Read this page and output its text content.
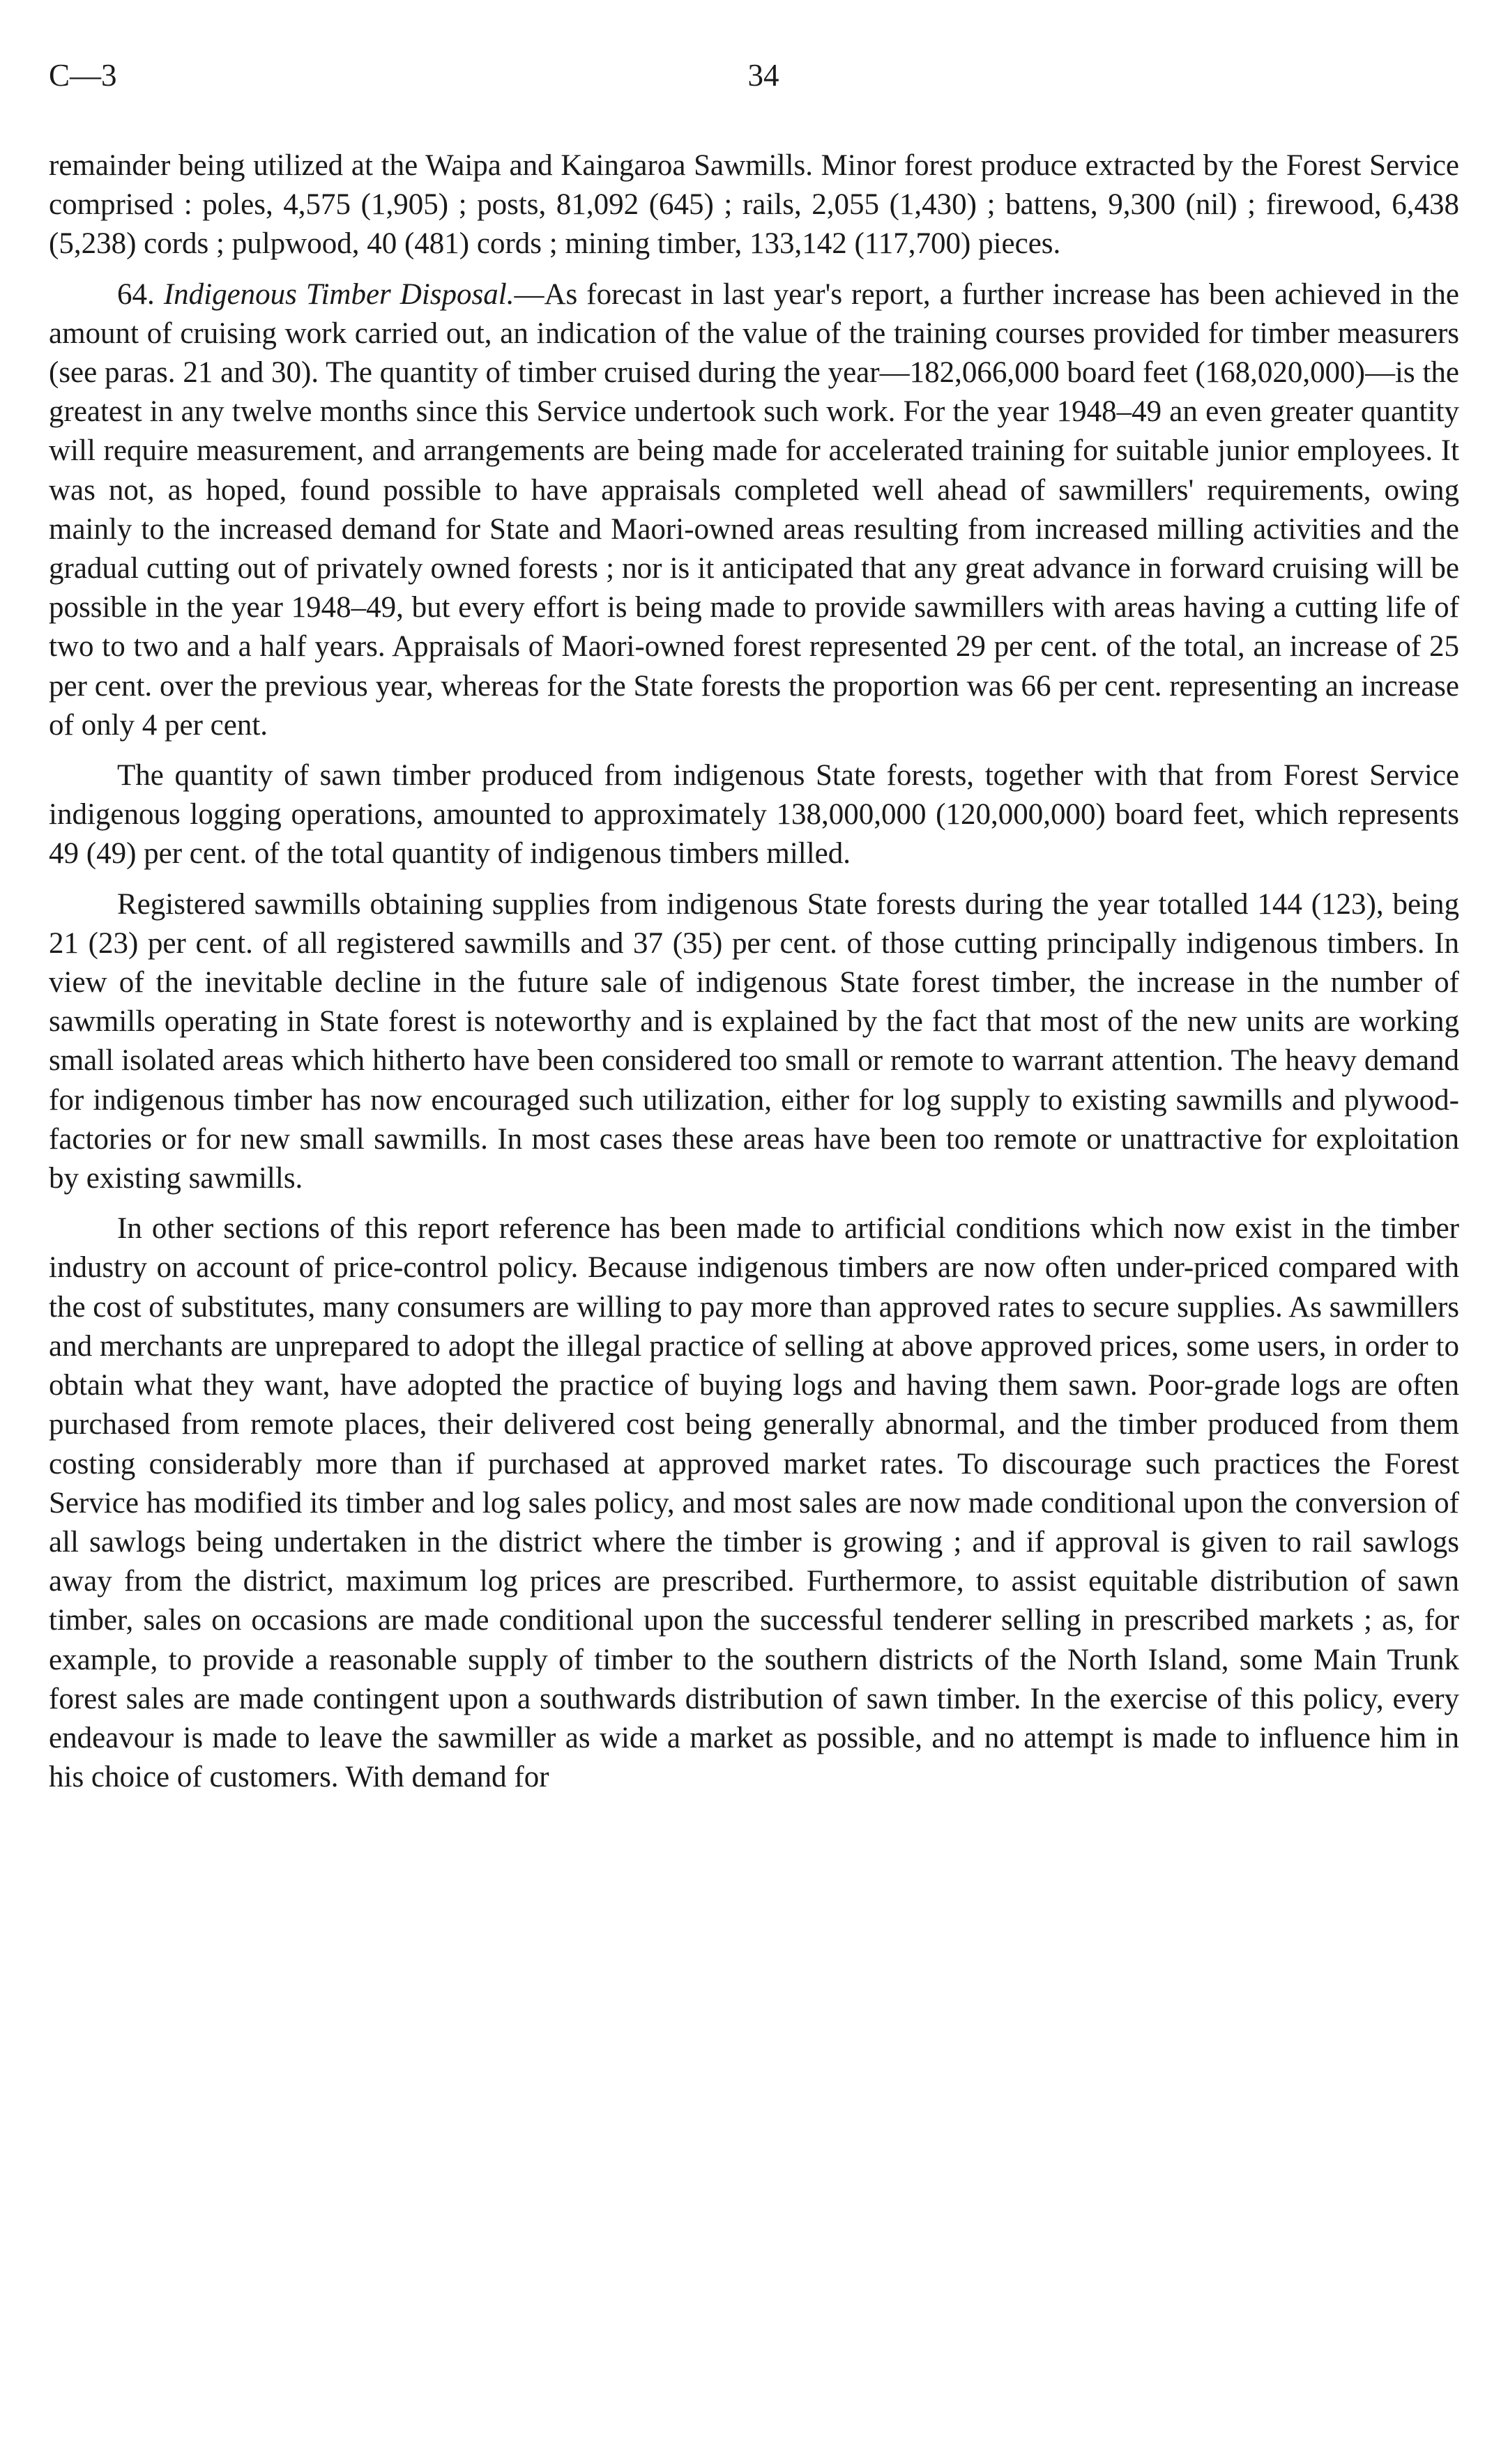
C—3	34

remainder being utilized at the Waipa and Kaingaroa Sawmills. Minor forest produce extracted by the Forest Service comprised : poles, 4,575 (1,905) ; posts, 81,092 (645) ; rails, 2,055 (1,430) ; battens, 9,300 (nil) ; firewood, 6,438 (5,238) cords ; pulpwood, 40 (481) cords ; mining timber, 133,142 (117,700) pieces.

64. Indigenous Timber Disposal.—As forecast in last year's report, a further increase has been achieved in the amount of cruising work carried out, an indication of the value of the training courses provided for timber measurers (see paras. 21 and 30). The quantity of timber cruised during the year—182,066,000 board feet (168,020,000)—is the greatest in any twelve months since this Service undertook such work. For the year 1948–49 an even greater quantity will require measurement, and arrangements are being made for accelerated training for suitable junior employees. It was not, as hoped, found possible to have appraisals completed well ahead of sawmillers' requirements, owing mainly to the increased demand for State and Maori-owned areas resulting from increased milling activities and the gradual cutting out of privately owned forests ; nor is it anticipated that any great advance in forward cruising will be possible in the year 1948–49, but every effort is being made to provide sawmillers with areas having a cutting life of two to two and a half years. Appraisals of Maori-owned forest represented 29 per cent. of the total, an increase of 25 per cent. over the previous year, whereas for the State forests the proportion was 66 per cent. representing an increase of only 4 per cent.

The quantity of sawn timber produced from indigenous State forests, together with that from Forest Service indigenous logging operations, amounted to approximately 138,000,000 (120,000,000) board feet, which represents 49 (49) per cent. of the total quantity of indigenous timbers milled.

Registered sawmills obtaining supplies from indigenous State forests during the year totalled 144 (123), being 21 (23) per cent. of all registered sawmills and 37 (35) per cent. of those cutting principally indigenous timbers. In view of the inevitable decline in the future sale of indigenous State forest timber, the increase in the number of sawmills operating in State forest is noteworthy and is explained by the fact that most of the new units are working small isolated areas which hitherto have been considered too small or remote to warrant attention. The heavy demand for indigenous timber has now encouraged such utilization, either for log supply to existing sawmills and plywood-factories or for new small sawmills. In most cases these areas have been too remote or unattractive for exploitation by existing sawmills.

In other sections of this report reference has been made to artificial conditions which now exist in the timber industry on account of price-control policy. Because indigenous timbers are now often under-priced compared with the cost of substitutes, many consumers are willing to pay more than approved rates to secure supplies. As sawmillers and merchants are unprepared to adopt the illegal practice of selling at above approved prices, some users, in order to obtain what they want, have adopted the practice of buying logs and having them sawn. Poor-grade logs are often purchased from remote places, their delivered cost being generally abnormal, and the timber produced from them costing considerably more than if purchased at approved market rates. To discourage such practices the Forest Service has modified its timber and log sales policy, and most sales are now made conditional upon the conversion of all sawlogs being undertaken in the district where the timber is growing ; and if approval is given to rail sawlogs away from the district, maximum log prices are prescribed. Furthermore, to assist equitable distribution of sawn timber, sales on occasions are made conditional upon the successful tenderer selling in prescribed markets ; as, for example, to provide a reasonable supply of timber to the southern districts of the North Island, some Main Trunk forest sales are made contingent upon a southwards distribution of sawn timber. In the exercise of this policy, every endeavour is made to leave the sawmiller as wide a market as possible, and no attempt is made to influence him in his choice of customers. With demand for
